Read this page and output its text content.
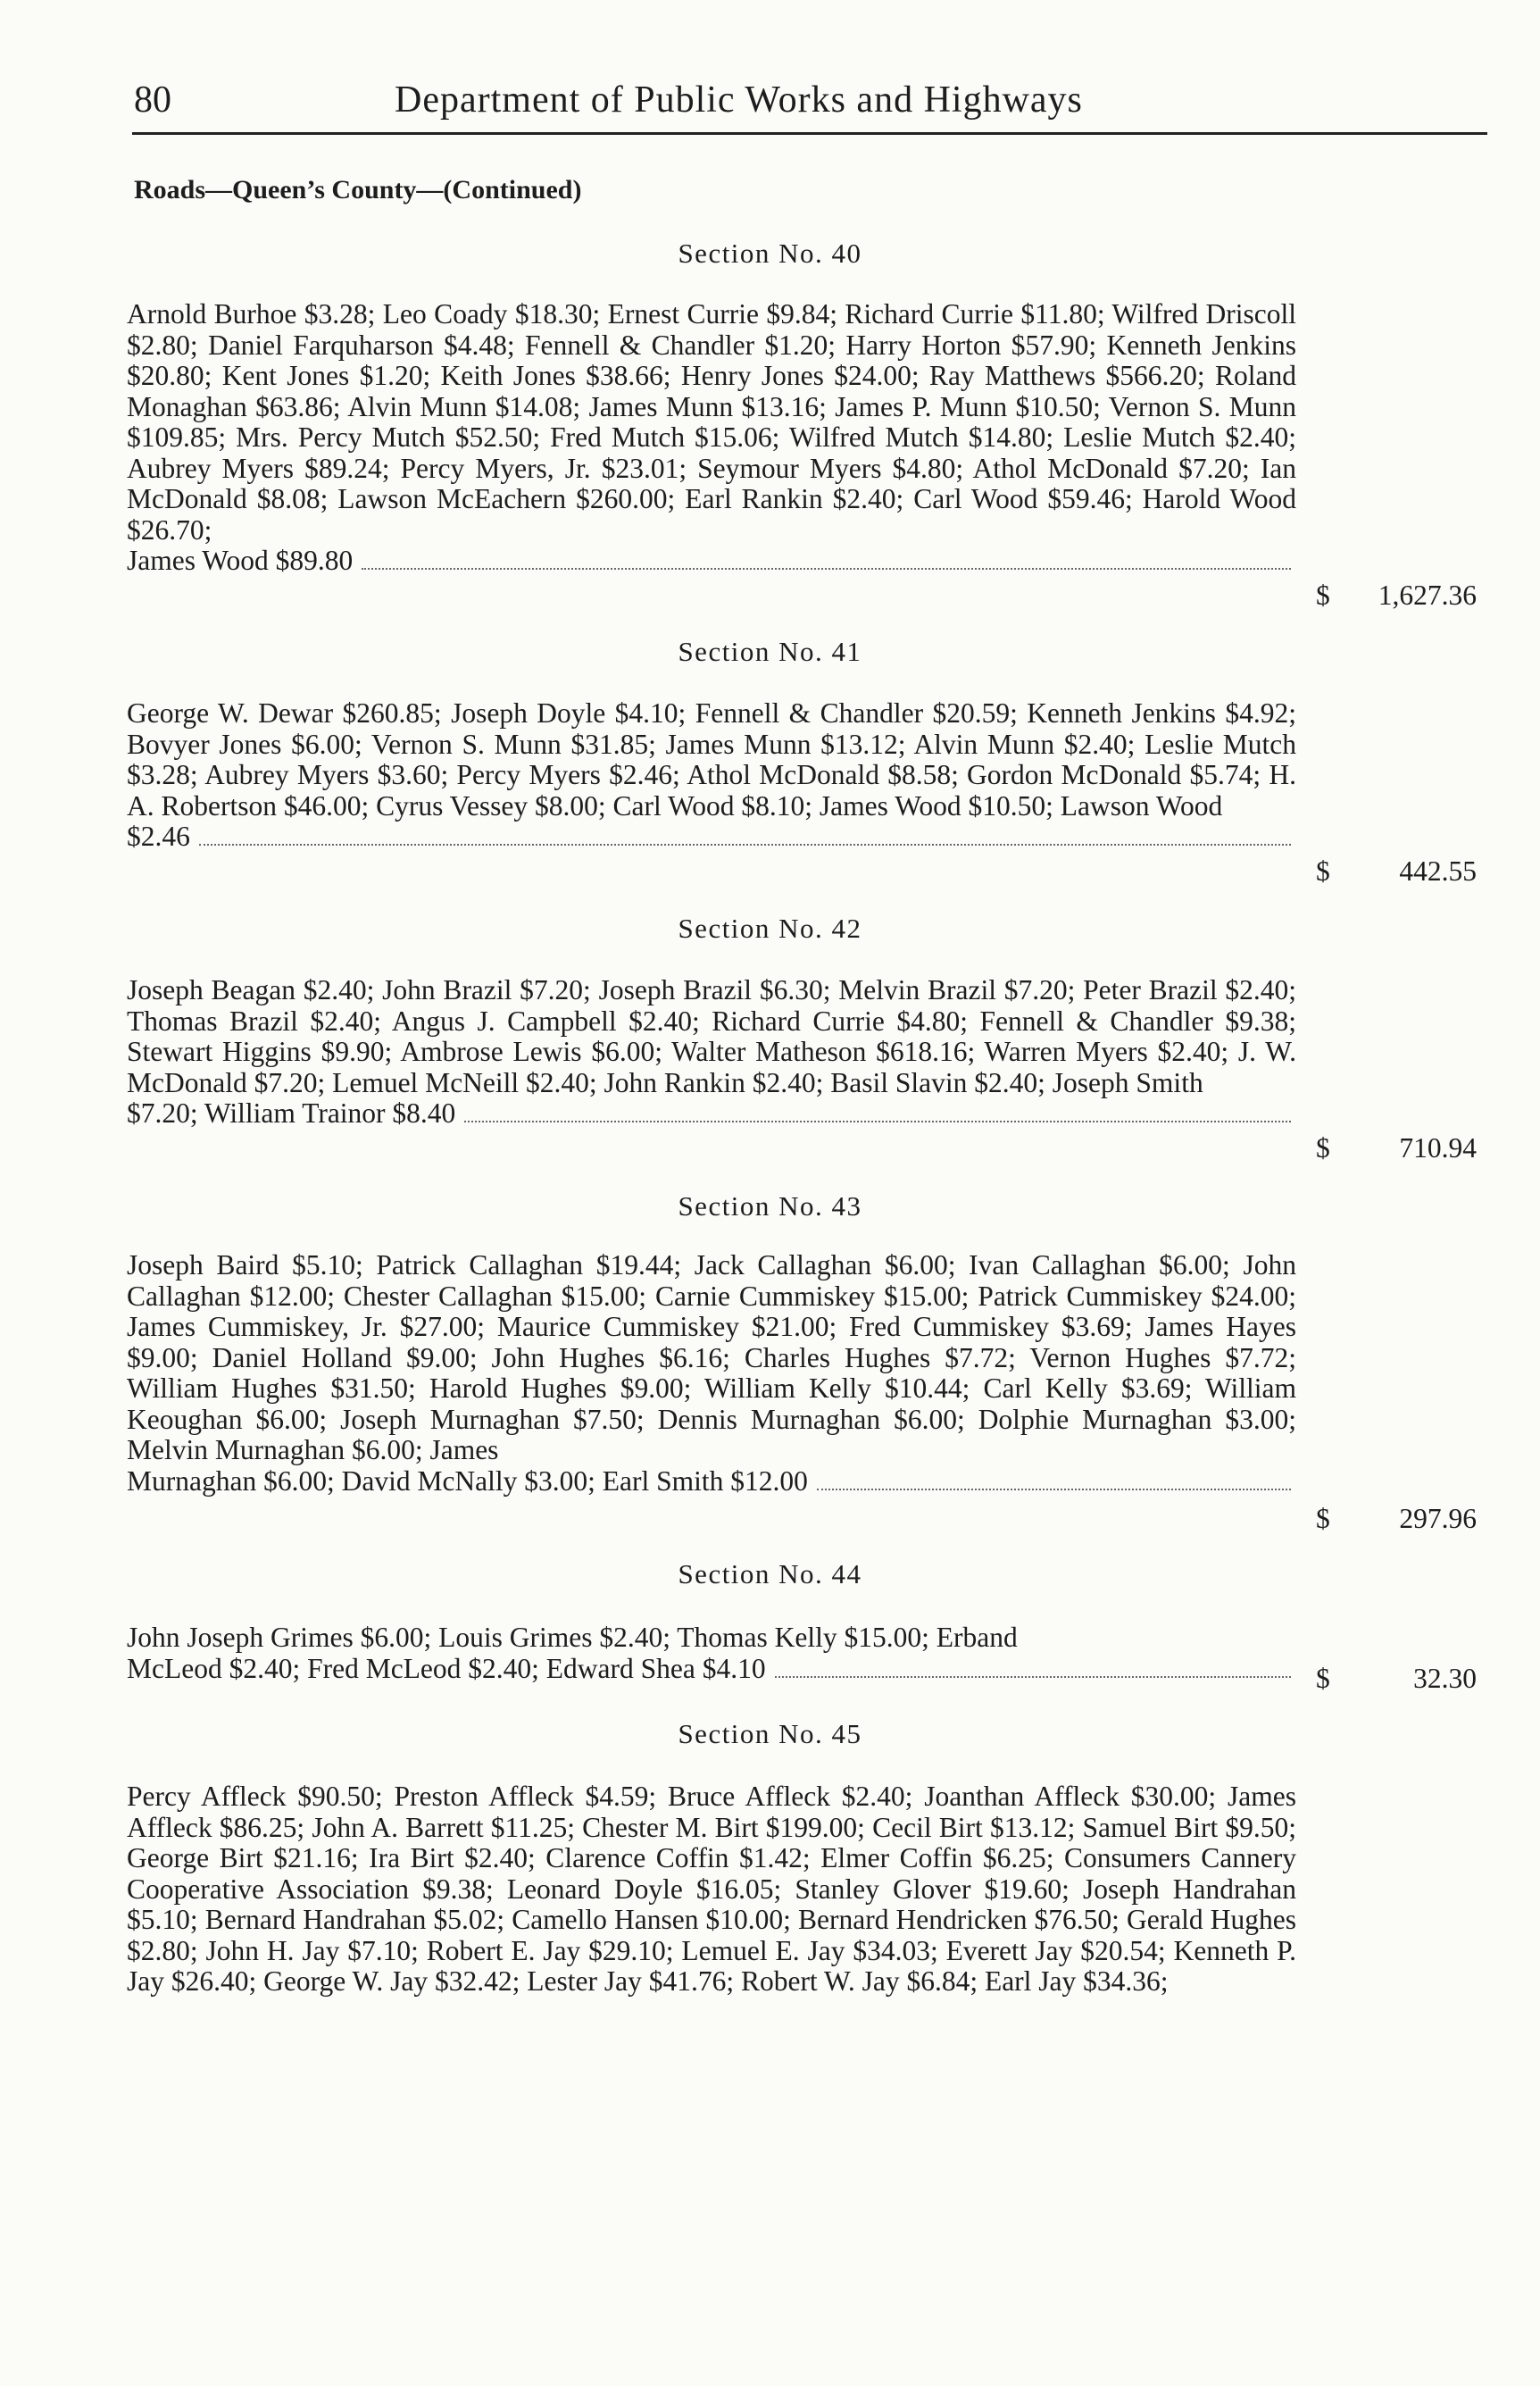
80	Department of Public Works and Highways
Roads—Queen’s County—(Continued)
Section No. 40

Arnold Burhoe $3.28; Leo Coady $18.30; Ernest Currie $9.84; Richard Currie $11.80; Wilfred Driscoll $2.80; Daniel Farquharson $4.48; Fennell & Chandler $1.20; Harry Horton $57.90; Kenneth Jenkins $20.80; Kent Jones $1.20; Keith Jones $38.66; Henry Jones $24.00; Ray Matthews $566.20; Roland Monaghan $63.86; Alvin Munn $14.08; James Munn $13.16; James P. Munn $10.50; Vernon S. Munn $109.85; Mrs. Percy Mutch $52.50; Fred Mutch $15.06; Wilfred Mutch $14.80; Leslie Mutch $2.40; Aubrey Myers $89.24; Percy Myers, Jr. $23.01; Seymour Myers $4.80; Athol McDonald $7.20; Ian McDonald $8.08; Lawson McEachern $260.00; Earl Rankin $2.40; Carl Wood $59.46; Harold Wood $26.70;

James Wood $89.80
$ 1,627.36
Section No. 41

George W. Dewar $260.85; Joseph Doyle $4.10; Fennell & Chandler $20.59; Kenneth Jenkins $4.92; Bovyer Jones $6.00; Vernon S. Munn $31.85; James Munn $13.12; Alvin Munn $2.40; Leslie Mutch $3.28; Aubrey Myers $3.60; Percy Myers $2.46; Athol McDonald $8.58; Gordon McDonald $5.74; H. A. Robertson $46.00; Cyrus Vessey $8.00; Carl Wood $8.10; James Wood $10.50; Lawson Wood

$2.46
$ 442.55
Section No. 42

Joseph Beagan $2.40; John Brazil $7.20; Joseph Brazil $6.30; Melvin Brazil $7.20; Peter Brazil $2.40; Thomas Brazil $2.40; Angus J. Campbell $2.40; Richard Currie $4.80; Fennell & Chandler $9.38; Stewart Higgins $9.90; Ambrose Lewis $6.00; Walter Matheson $618.16; Warren Myers $2.40; J. W. McDonald $7.20; Lemuel McNeill $2.40; John Rankin $2.40; Basil Slavin $2.40; Joseph Smith

$7.20; William Trainor $8.40
$ 710.94
Section No. 43

Joseph Baird $5.10; Patrick Callaghan $19.44; Jack Callaghan $6.00; Ivan Callaghan $6.00; John Callaghan $12.00; Chester Callaghan $15.00; Carnie Cummiskey $15.00; Patrick Cummiskey $24.00; James Cummiskey, Jr. $27.00; Maurice Cummiskey $21.00; Fred Cummiskey $3.69; James Hayes $9.00; Daniel Holland $9.00; John Hughes $6.16; Charles Hughes $7.72; Vernon Hughes $7.72; William Hughes $31.50; Harold Hughes $9.00; William Kelly $10.44; Carl Kelly $3.69; William Keoughan $6.00; Joseph Murnaghan $7.50; Dennis Murnaghan $6.00; Dolphie Murnaghan $3.00; Melvin Murnaghan $6.00; James

Murnaghan $6.00; David McNally $3.00; Earl Smith $12.00
$ 297.96
Section No. 44

John Joseph Grimes $6.00; Louis Grimes $2.40; Thomas Kelly $15.00; Erband

McLeod $2.40; Fred McLeod $2.40; Edward Shea $4.10	$	32.30
Section No. 45

Percy Affleck $90.50; Preston Affleck $4.59; Bruce Affleck $2.40; Joanthan Affleck $30.00; James Affleck $86.25; John A. Barrett $11.25; Chester M. Birt $199.00; Cecil Birt $13.12; Samuel Birt $9.50; George Birt $21.16; Ira Birt $2.40; Clarence Coffin $1.42; Elmer Coffin $6.25; Consumers Cannery Cooperative Association $9.38; Leonard Doyle $16.05; Stanley Glover $19.60; Joseph Handrahan $5.10; Bernard Handrahan $5.02; Camello Hansen $10.00; Bernard Hendricken $76.50; Gerald Hughes $2.80; John H. Jay $7.10; Robert E. Jay $29.10; Lemuel E. Jay $34.03; Everett Jay $20.54; Kenneth P. Jay $26.40; George W. Jay $32.42; Lester Jay $41.76; Robert W. Jay $6.84; Earl Jay $34.36;
